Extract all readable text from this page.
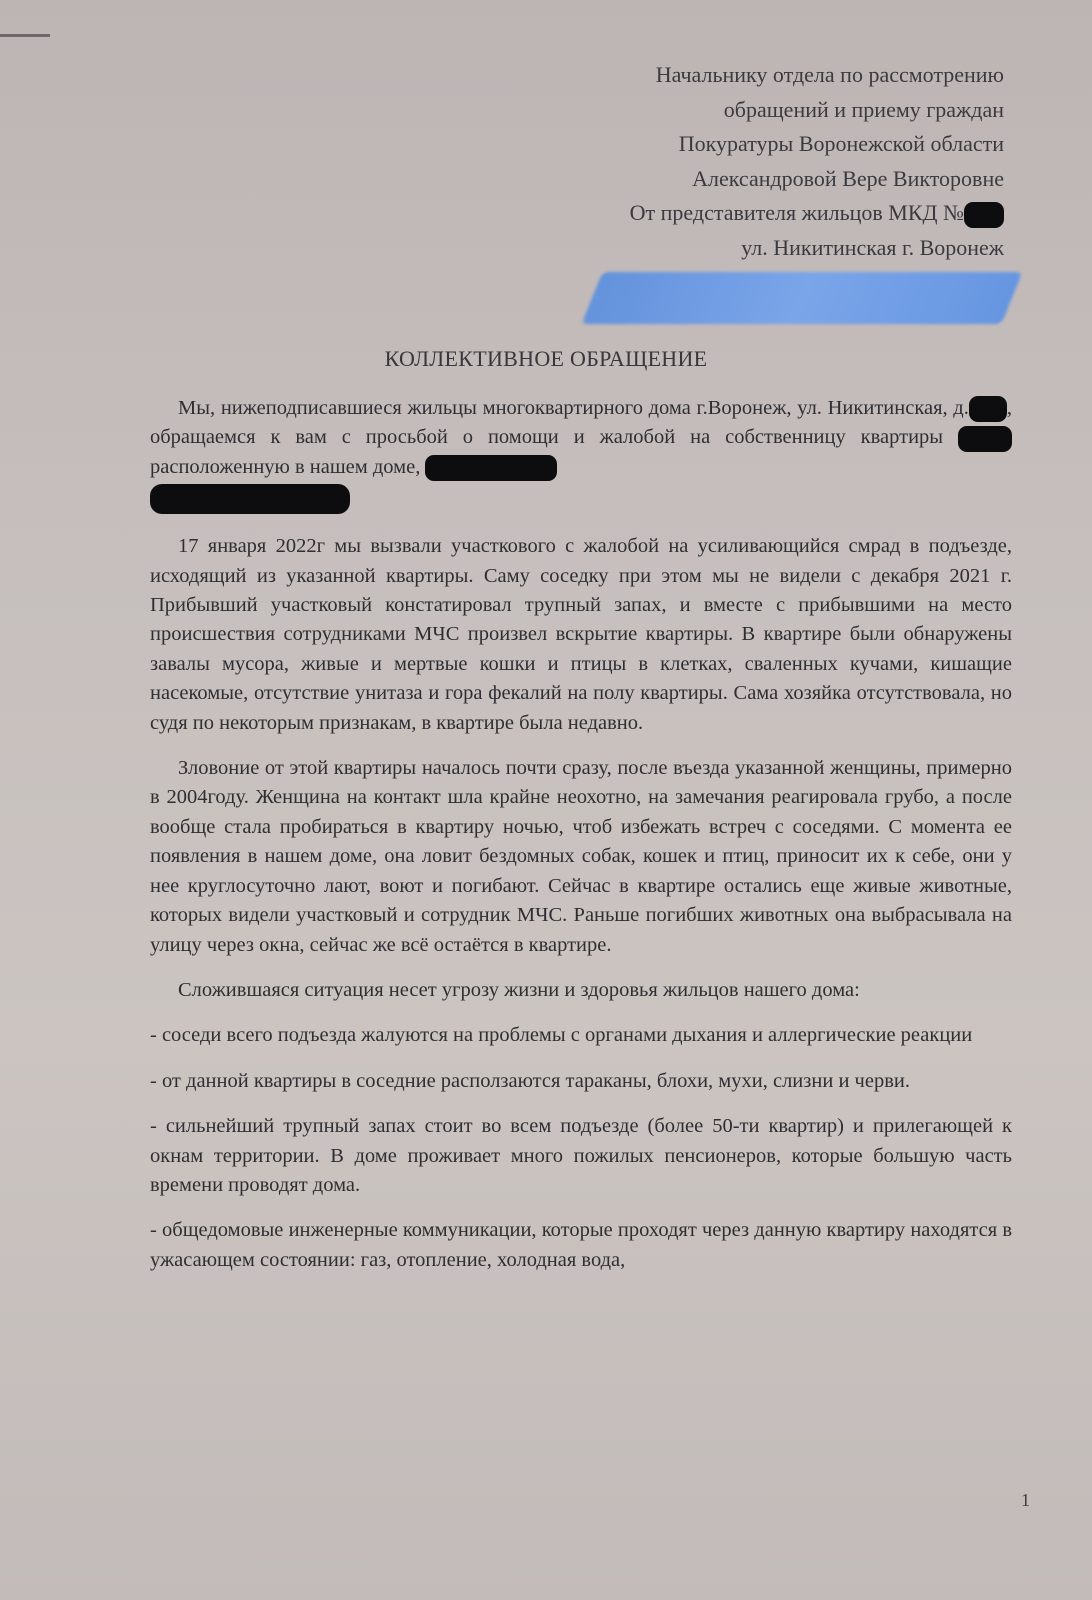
Начальнику отдела по рассмотрению
обращений и приему граждан
Покуратуры Воронежской области
Александровой Вере Викторовне
От представителя жильцов МКД №
ул. Никитинская г. Воронеж
КОЛЛЕКТИВНОЕ ОБРАЩЕНИЕ

Мы, нижеподписавшиеся жильцы многоквартирного дома г.Воронеж, ул. Никитинская, д. , обращаемся к вам с просьбой о помощи и жалобой на собственницу квартиры  расположенную в нашем доме,

17 января 2022г мы вызвали участкового с жалобой на усиливающийся смрад в подъезде, исходящий из указанной квартиры. Саму соседку при этом мы не видели с декабря 2021 г. Прибывший участковый констатировал трупный запах, и вместе с прибывшими на место происшествия сотрудниками МЧС произвел вскрытие квартиры. В квартире были обнаружены завалы мусора, живые и мертвые кошки и птицы в клетках, сваленных кучами, кишащие насекомые, отсутствие унитаза и гора фекалий на полу квартиры. Сама хозяйка отсутствовала, но судя по некоторым признакам, в квартире была недавно.

Зловоние от этой квартиры началось почти сразу, после въезда указанной женщины, примерно в 2004году. Женщина на контакт шла крайне неохотно, на замечания реагировала грубо, а после вообще стала пробираться в квартиру ночью, чтоб избежать встреч с соседями. С момента ее появления в нашем доме, она ловит бездомных собак, кошек и птиц, приносит их к себе, они у нее круглосуточно лают, воют и погибают. Сейчас в квартире остались еще живые животные, которых видели участковый и сотрудник МЧС. Раньше погибших животных она выбрасывала на улицу через окна, сейчас же всё остаётся в квартире.

Сложившаяся ситуация несет угрозу жизни и здоровья жильцов нашего дома:

- соседи всего подъезда жалуются на проблемы с органами дыхания и аллергические реакции

- от данной квартиры в соседние расползаются тараканы, блохи, мухи, слизни и черви.

- сильнейший трупный запах стоит во всем подъезде (более 50-ти квартир) и прилегающей к окнам территории. В доме проживает много пожилых пенсионеров, которые большую часть времени проводят дома.

- общедомовые инженерные коммуникации, которые проходят через данную квартиру находятся в ужасающем состоянии: газ, отопление, холодная вода,

1
